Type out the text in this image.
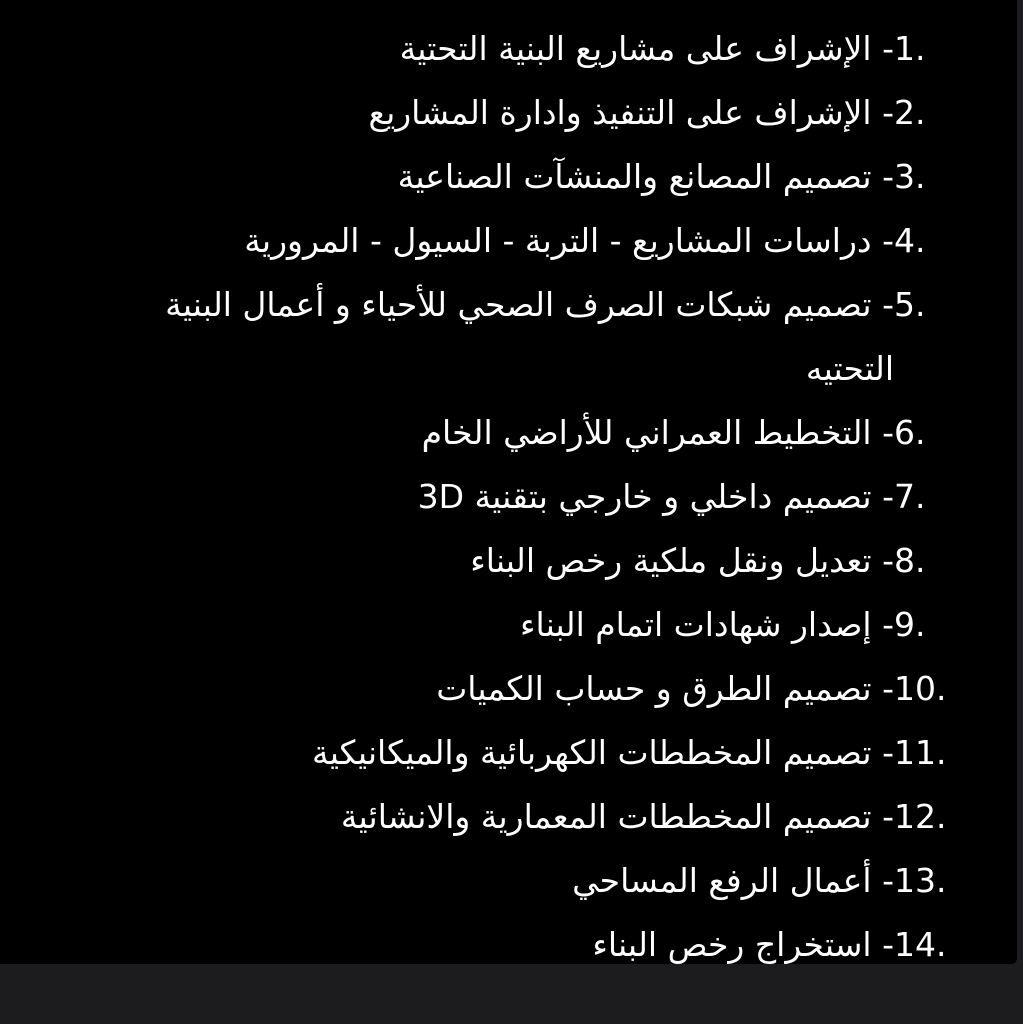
1.
- الإشراف على مشاريع البنية التحتية
2.
- الإشراف على التنفيذ وادارة المشاريع
3.
- تصميم المصانع والمنشآت الصناعية
4.
- دراسات المشاريع - التربة - السيول - المرورية
5.
- تصميم شبكات الصرف الصحي للأحياء و أعمال البنية التحتيه
6.
- التخطيط العمراني للأراضي الخام
7.
- تصميم داخلي و خارجي بتقنية 3D
8.
- تعديل ونقل ملكية رخص البناء
9.
- إصدار شهادات اتمام البناء
10.
- تصميم الطرق و حساب الكميات
11.
- تصميم المخططات الكهربائية والميكانيكية
12.
- تصميم المخططات المعمارية والانشائية
13.
- أعمال الرفع المساحي
14.
- استخراج رخص البناء
